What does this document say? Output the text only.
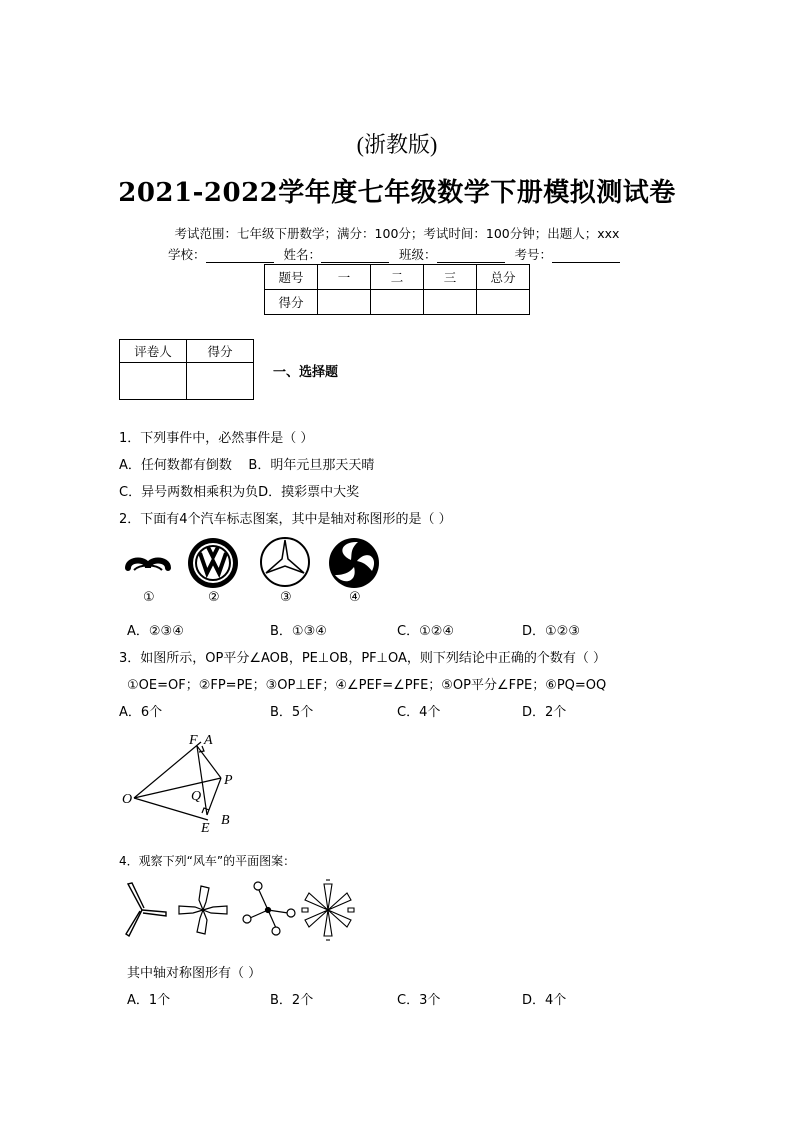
(浙教版)
2021-2022学年度七年级数学下册模拟测试卷
考试范围：七年级下册数学；满分：100分；考试时间：100分钟；出题人；xxx
学校：	姓名：	班级：	考号：
题号	一	二	三	总分
得分				
评卷人	得分

一、选择题
1．下列事件中，必然事件是（ ）
A．任何数都有倒数    B．明年元旦那天天晴
C．异号两数相乘积为负D．摸彩票中大奖
2．下面有4个汽车标志图案，其中是轴对称图形的是（ ）
①	②	③	④
A．②③④	B．①③④	C．①②④	D．①②③
3．如图所示，OP平分∠AOB，PE⊥OB，PF⊥OA，则下列结论中正确的个数有（ ）
①OE=OF；②FP=PE；③OP⊥EF；④∠PEF=∠PFE；⑤OP平分∠FPE；⑥PQ=OQ
A．6个	B．5个	C．4个	D．2个
F A
P
O	Q
E
B
4．观察下列“风车”的平面图案：
其中轴对称图形有（ ）
A．1个	B．2个	C．3个	D．4个
